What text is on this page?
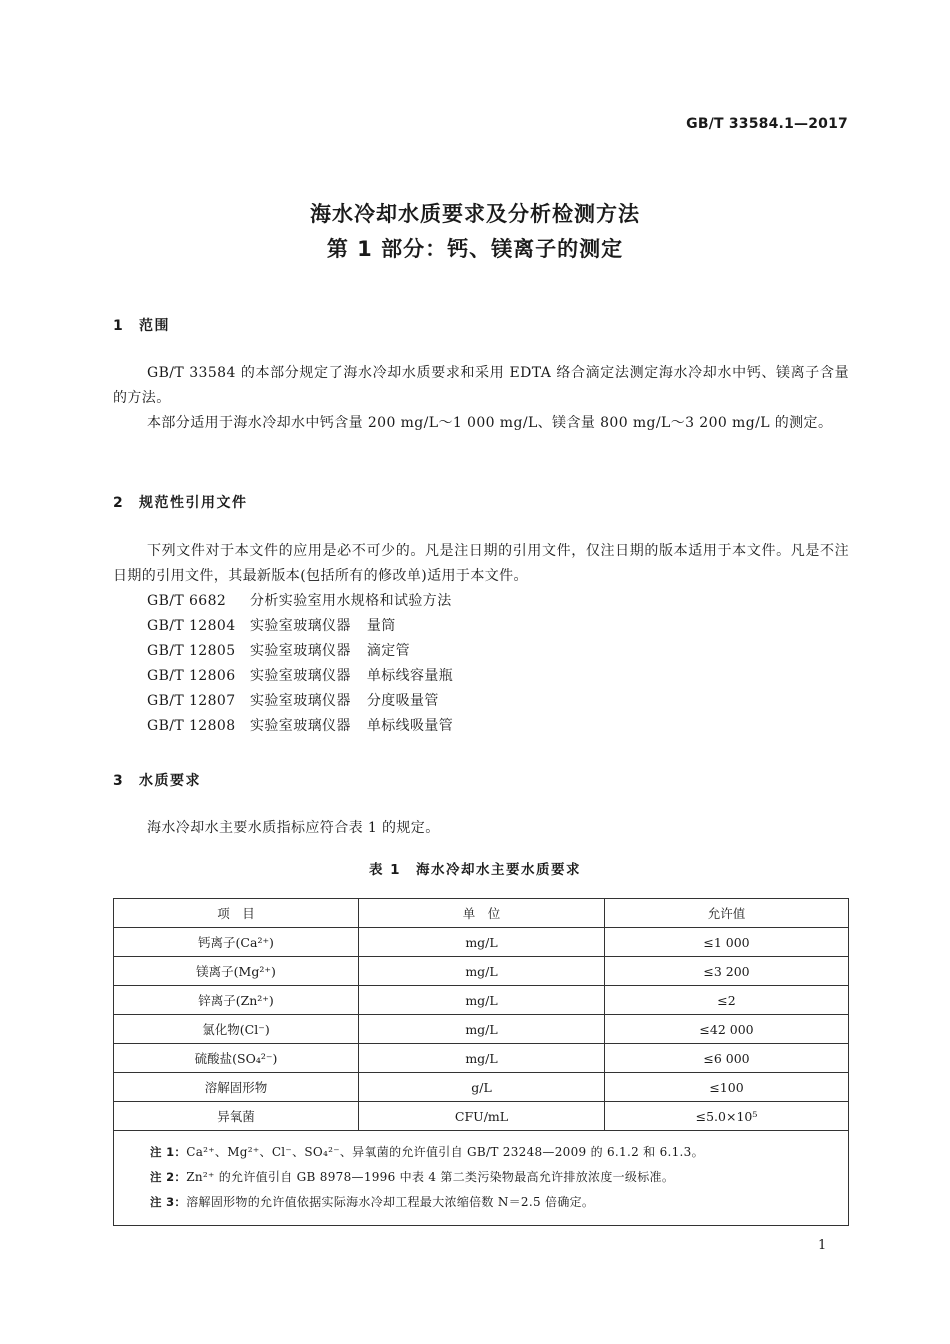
GB/T 33584.1—2017
海水冷却水质要求及分析检测方法
第 1 部分：钙、镁离子的测定
1 范围
GB/T 33584 的本部分规定了海水冷却水质要求和采用 EDTA 络合滴定法测定海水冷却水中钙、镁离子含量的方法。
本部分适用于海水冷却水中钙含量 200 mg/L～1 000 mg/L、镁含量 800 mg/L～3 200 mg/L 的测定。
2 规范性引用文件
下列文件对于本文件的应用是必不可少的。凡是注日期的引用文件，仅注日期的版本适用于本文件。凡是不注日期的引用文件，其最新版本(包括所有的修改单)适用于本文件。
GB/T 6682 分析实验室用水规格和试验方法
GB/T 12804 实验室玻璃仪器 量筒
GB/T 12805 实验室玻璃仪器 滴定管
GB/T 12806 实验室玻璃仪器 单标线容量瓶
GB/T 12807 实验室玻璃仪器 分度吸量管
GB/T 12808 实验室玻璃仪器 单标线吸量管
3 水质要求
海水冷却水主要水质指标应符合表 1 的规定。
表 1　海水冷却水主要水质要求
项　目	单　位	允许值
钙离子(Ca²⁺)	mg/L	≤1 000
镁离子(Mg²⁺)	mg/L	≤3 200
锌离子(Zn²⁺)	mg/L	≤2
氯化物(Cl⁻)	mg/L	≤42 000
硫酸盐(SO₄²⁻)	mg/L	≤6 000
溶解固形物	g/L	≤100
异氧菌	CFU/mL	≤5.0×10⁵

注 1：Ca²⁺、Mg²⁺、Cl⁻、SO₄²⁻、异氧菌的允许值引自 GB/T 23248—2009 的 6.1.2 和 6.1.3。
注 2：Zn²⁺ 的允许值引自 GB 8978—1996 中表 4 第二类污染物最高允许排放浓度一级标准。
注 3：溶解固形物的允许值依据实际海水冷却工程最大浓缩倍数 N＝2.5 倍确定。		
1
